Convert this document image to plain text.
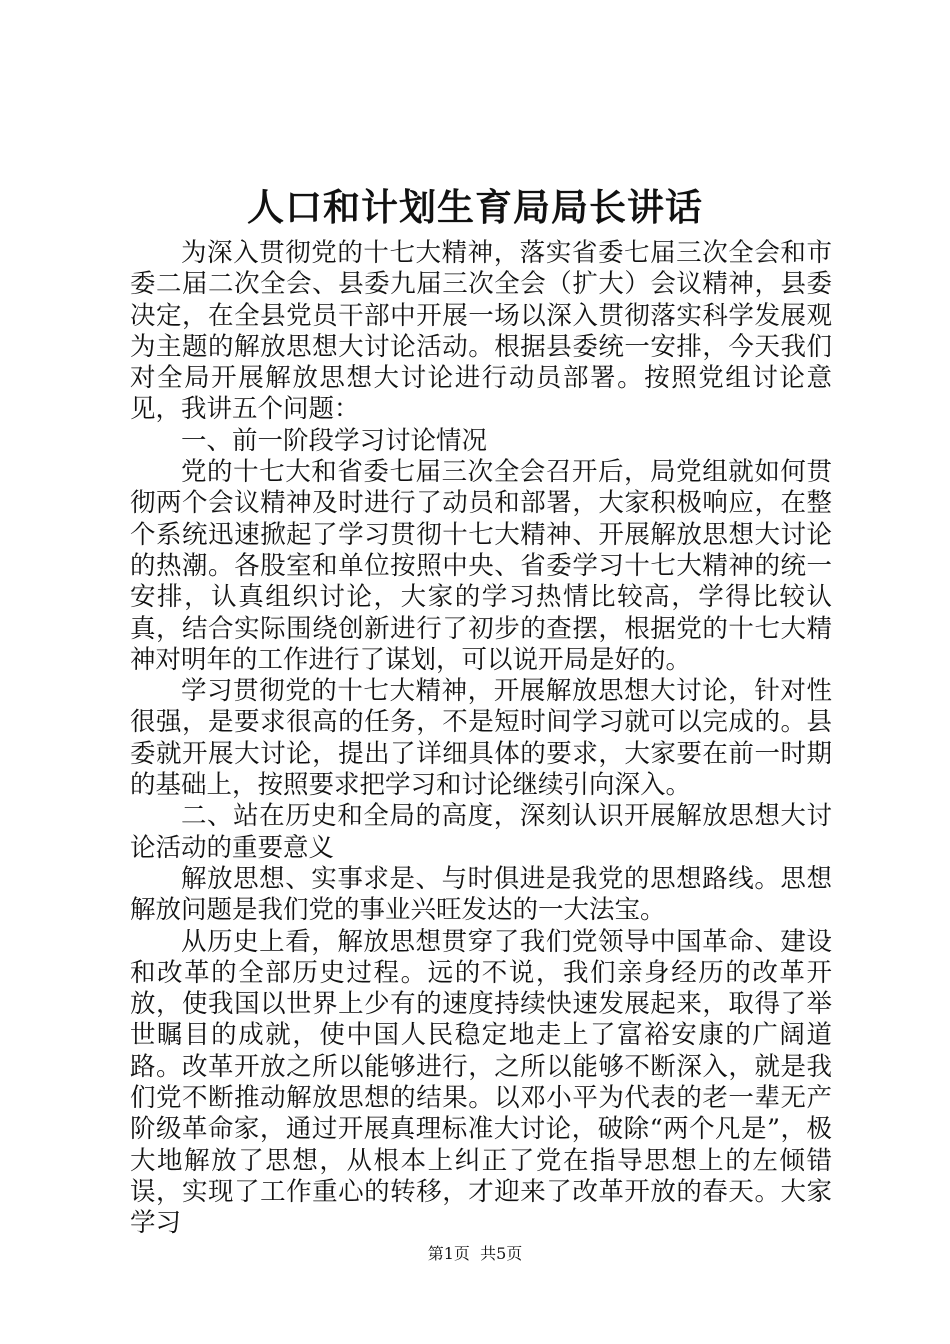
人口和计划生育局局长讲话

为深入贯彻党的十七大精神，落实省委七届三次全会和市委二届二次全会、县委九届三次全会（扩大）会议精神，县委决定，在全县党员干部中开展一场以深入贯彻落实科学发展观为主题的解放思想大讨论活动。根据县委统一安排，今天我们对全局开展解放思想大讨论进行动员部署。按照党组讨论意见，我讲五个问题：

一、前一阶段学习讨论情况

党的十七大和省委七届三次全会召开后，局党组就如何贯彻两个会议精神及时进行了动员和部署，大家积极响应，在整个系统迅速掀起了学习贯彻十七大精神、开展解放思想大讨论的热潮。各股室和单位按照中央、省委学习十七大精神的统一安排，认真组织讨论，大家的学习热情比较高，学得比较认真，结合实际围绕创新进行了初步的查摆，根据党的十七大精神对明年的工作进行了谋划，可以说开局是好的。

学习贯彻党的十七大精神，开展解放思想大讨论，针对性很强，是要求很高的任务，不是短时间学习就可以完成的。县委就开展大讨论，提出了详细具体的要求，大家要在前一时期的基础上，按照要求把学习和讨论继续引向深入。

二、站在历史和全局的高度，深刻认识开展解放思想大讨论活动的重要意义

解放思想、实事求是、与时俱进是我党的思想路线。思想解放问题是我们党的事业兴旺发达的一大法宝。

从历史上看，解放思想贯穿了我们党领导中国革命、建设和改革的全部历史过程。远的不说，我们亲身经历的改革开放，使我国以世界上少有的速度持续快速发展起来，取得了举世瞩目的成就，使中国人民稳定地走上了富裕安康的广阔道路。改革开放之所以能够进行，之所以能够不断深入，就是我们党不断推动解放思想的结果。以邓小平为代表的老一辈无产阶级革命家，通过开展真理标准大讨论，破除“两个凡是”，极大地解放了思想，从根本上纠正了党在指导思想上的左倾错误，实现了工作重心的转移，才迎来了改革开放的春天。大家学习

第1页 共5页
